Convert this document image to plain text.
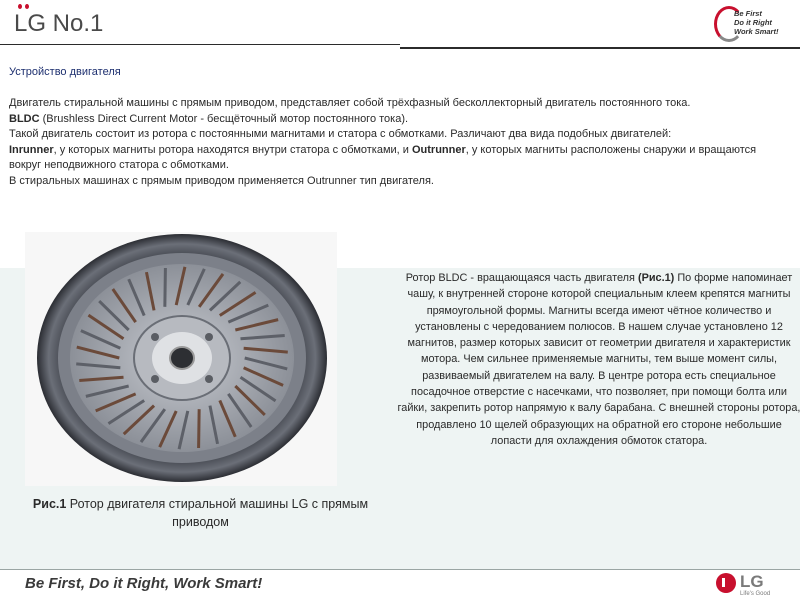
LG No.1	Be First
Do it Right
Work Smart!
Устройство двигателя

Двигатель стиральной машины с прямым приводом, представляет собой трёхфазный бесколлекторный двигатель постоянного тока.

BLDC (Brushless Direct Current Motor - бесщёточный мотор постоянного тока).

Такой двигатель состоит из ротора с постоянными магнитами и статора с обмотками. Различают два вида подобных двигателей:

Inrunner, у которых магниты ротора находятся внутри статора с обмотками, и Outrunner, у которых магниты расположены снаружи и вращаются вокруг неподвижного статора с обмотками.

В стиральных машинах с прямым приводом применяется Outrunner тип двигателя.

Рис.1 Ротор двигателя стиральной машины LG с прямым приводом
Ротор BLDC - вращающаяся часть двигателя (Рис.1) По форме напоминает чашу, к внутренней стороне которой специальным клеем крепятся магниты прямоугольной формы. Магниты всегда имеют чётное количество и установлены с чередованием полюсов. В нашем случае установлено 12 магнитов, размер которых зависит от геометрии двигателя и характеристик мотора. Чем сильнее применяемые магниты, тем выше момент силы, развиваемый двигателем на валу. В центре ротора есть специальное посадочное отверстие с насечками, что позволяет, при помощи болта или гайки, закрепить ротор напрямую к валу барабана. С внешней стороны ротора, продавлено 10 щелей образующих на обратной его стороне небольшие лопасти для охлаждения обмоток статора.
Be First, Do it Right, Work Smart!	LG
Life's Good
